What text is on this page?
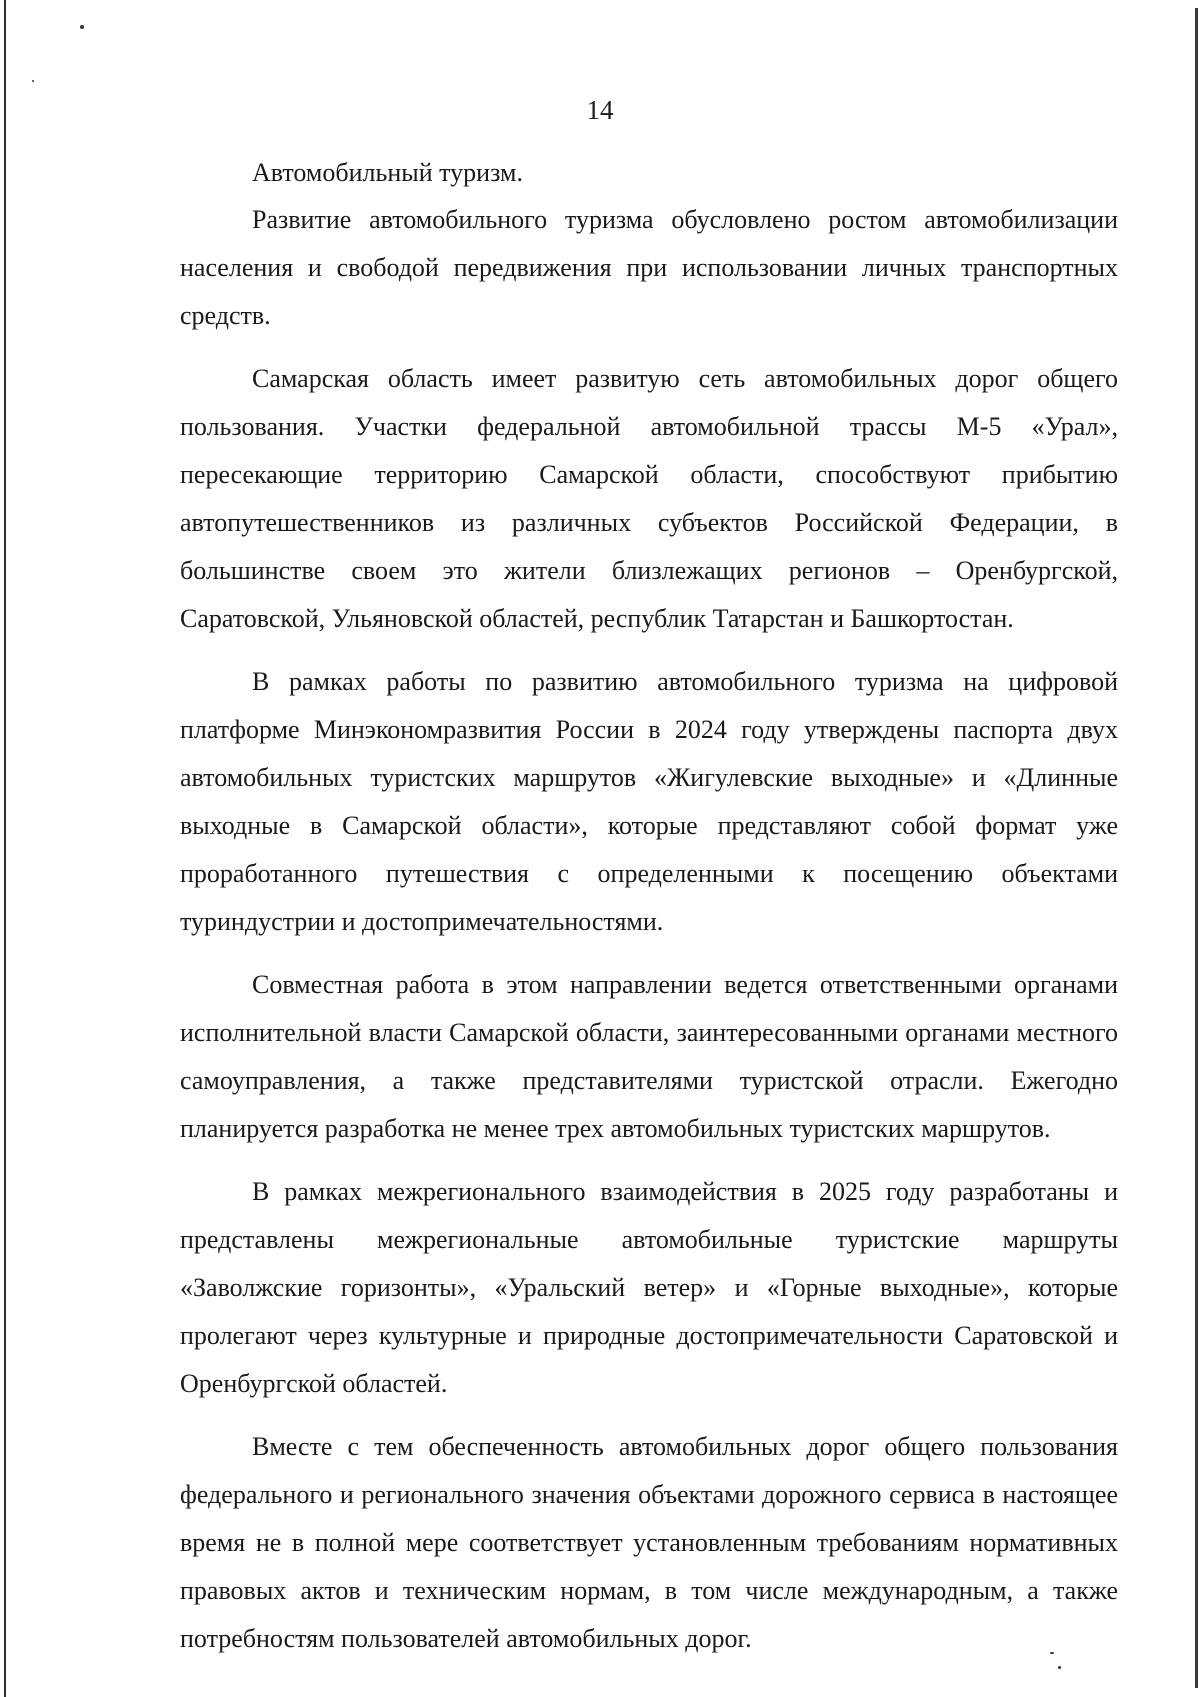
14
Автомобильный туризм.

Развитие автомобильного туризма обусловлено ростом автомобилизации населения и свободой передвижения при использовании личных транспортных средств.

Самарская область имеет развитую сеть автомобильных дорог общего пользования. Участки федеральной автомобильной трассы М-5 «Урал», пересекающие территорию Самарской области, способствуют прибытию автопутешественников из различных субъектов Российской Федерации, в большинстве своем это жители близлежащих регионов – Оренбургской, Саратовской, Ульяновской областей, республик Татарстан и Башкортостан.

В рамках работы по развитию автомобильного туризма на цифровой платформе Минэкономразвития России в 2024 году утверждены паспорта двух автомобильных туристских маршрутов «Жигулевские выходные» и «Длинные выходные в Самарской области», которые представляют собой формат уже проработанного путешествия с определенными к посещению объектами туриндустрии и достопримечательностями.

Совместная работа в этом направлении ведется ответственными органами исполнительной власти Самарской области, заинтересованными органами местного самоуправления, а также представителями туристской отрасли. Ежегодно планируется разработка не менее трех автомобильных туристских маршрутов.

В рамках межрегионального взаимодействия в 2025 году разработаны и представлены межрегиональные автомобильные туристские маршруты «Заволжские горизонты», «Уральский ветер» и «Горные выходные», которые пролегают через культурные и природные достопримечательности Саратовской и Оренбургской областей.

Вместе с тем обеспеченность автомобильных дорог общего пользования федерального и регионального значения объектами дорожного сервиса в настоящее время не в полной мере соответствует установленным требованиям нормативных правовых актов и техническим нормам, в том числе международным, а также потребностям пользователей автомобильных дорог.
